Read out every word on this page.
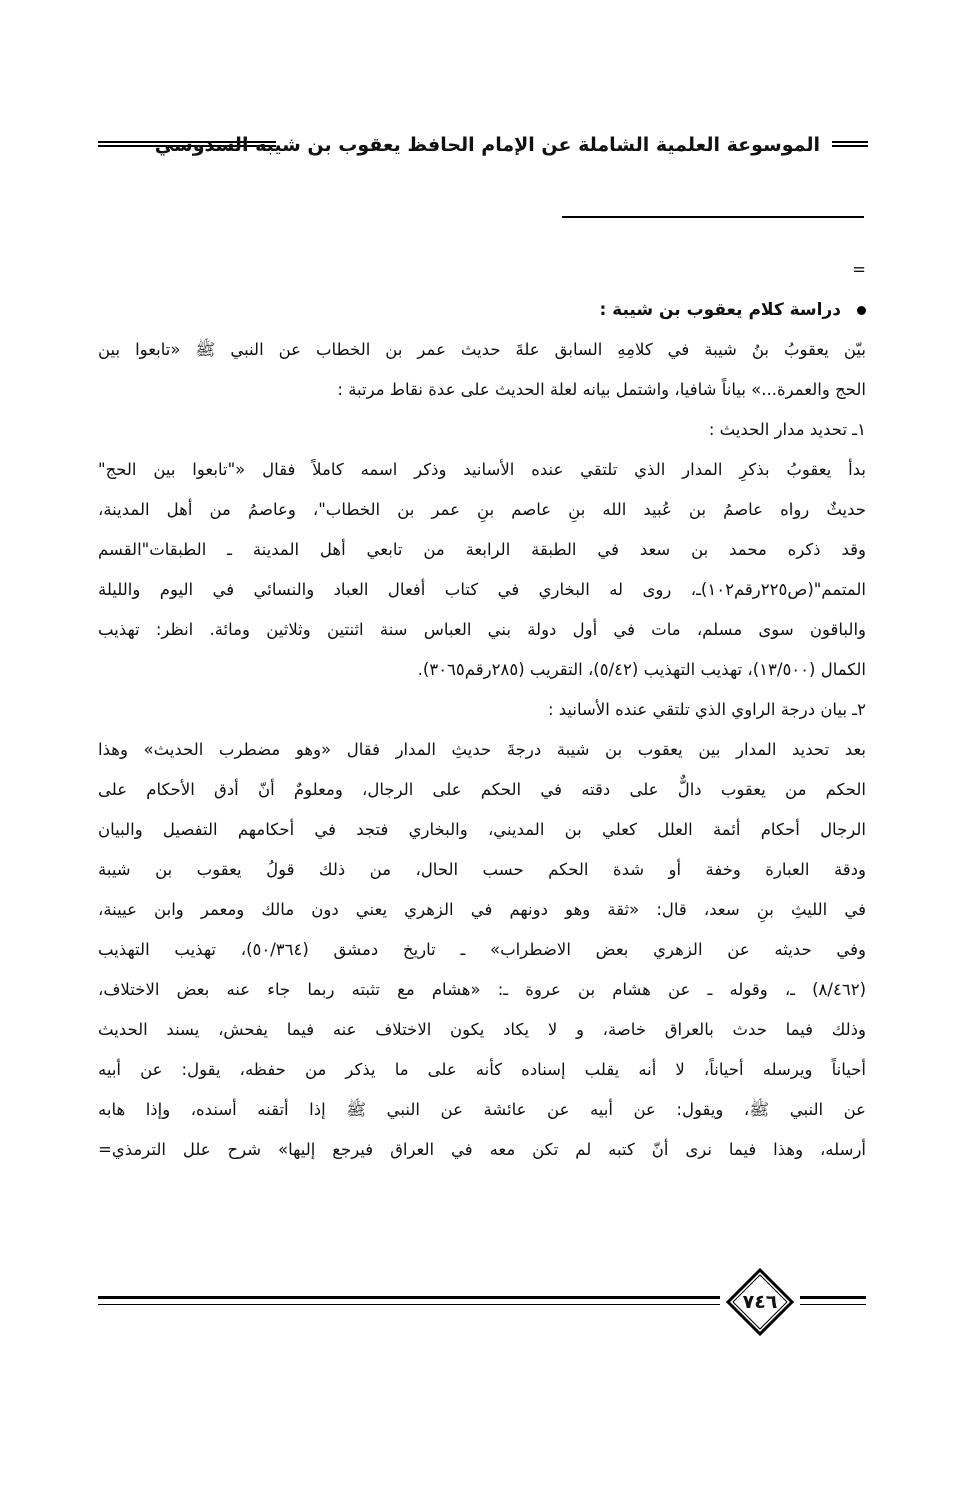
الموسوعة العلمية الشاملة عن الإمام الحافظ يعقوب بن شيبة السدوسي
=
دراسة كلام يعقوب بن شيبة :
بيّن يعقوبُ بنُ شيبة في كلامِهِ السابق علةَ حديث عمر بن الخطاب عن النبي ﷺ «تابعوا بين
الحج والعمرة...» بياناً شافيا، واشتمل بيانه لعلة الحديث على عدة نقاط مرتبة :
١ـ تحديد مدار الحديث :
بدأ يعقوبُ بذكرِ المدار الذي تلتقي عنده الأسانيد وذكر اسمه كاملاً فقال «"تابعوا بين الحج"
حديثٌ رواه عاصمُ بن عُبيد الله بنِ عاصم بنِ عمر بن الخطاب"، وعاصمُ من أهل المدينة،
وقد ذكره محمد بن سعد في الطبقة الرابعة من تابعي أهل المدينة ـ الطبقات"القسم
المتمم"(ص٢٢٥رقم١٠٢)ـ، روى له البخاري في كتاب أفعال العباد والنسائي في اليوم والليلة
والباقون سوى مسلم، مات في أول دولة بني العباس سنة اثنتين وثلاثين ومائة. انظر: تهذيب
الكمال (١٣/٥٠٠)، تهذيب التهذيب (٥/٤٢)، التقريب (٢٨٥رقم٣٠٦٥).
٢ـ بيان درجة الراوي الذي تلتقي عنده الأسانيد :
بعد تحديد المدار بين يعقوب بن شيبة درجةَ حديثِ المدار فقال «وهو مضطرب الحديث» وهذا
الحكم من يعقوب دالٌّ على دقته في الحكم على الرجال، ومعلومٌ أنّ أدق الأحكام على
الرجال أحكام أئمة العلل كعلي بن المديني، والبخاري فتجد في أحكامهم التفصيل والبيان
ودقة العبارة وخفة أو شدة الحكم حسب الحال، من ذلك قولُ يعقوب بن شيبة
في الليثِ بنِ سعد، قال: «ثقة وهو دونهم في الزهري يعني دون مالك ومعمر وابن عيينة،
وفي حديثه عن الزهري بعض الاضطراب» ـ تاريخ دمشق (٥٠/٣٦٤)، تهذيب التهذيب
(٨/٤٦٢) ـ، وقوله ـ عن هشام بن عروة ـ: «هشام مع تثبته ربما جاء عنه بعض الاختلاف،
وذلك فيما حدث بالعراق خاصة، و لا يكاد يكون الاختلاف عنه فيما يفحش، يسند الحديث
أحياناً ويرسله أحياناً، لا أنه يقلب إسناده كأنه على ما يذكر من حفظه، يقول: عن أبيه
عن النبي ﷺ، ويقول: عن أبيه عن عائشة عن النبي ﷺ إذا أتقنه أسنده، وإذا هابه
أرسله، وهذا فيما نرى أنّ كتبه لم تكن معه في العراق فيرجع إليها» شرح علل الترمذي=
٧٤٦
